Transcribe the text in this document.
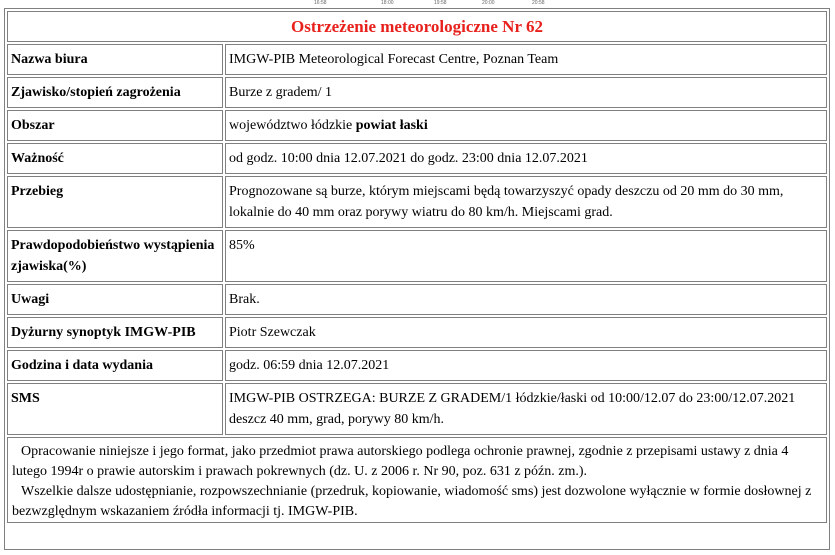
16:58	18:00	19:58	20:00	20:58
Ostrzeżenie meteorologiczne Nr 62	
Nazwa biura	IMGW-PIB Meteorological Forecast Centre, Poznan Team
Zjawisko/stopień zagrożenia	Burze z gradem/ 1
Obszar	województwo łódzkie powiat łaski
Ważność	od godz. 10:00 dnia 12.07.2021 do godz. 23:00 dnia 12.07.2021
Przebieg	Prognozowane są burze, którym miejscami będą towarzyszyć opady deszczu od 20 mm do 30 mm, lokalnie do 40 mm oraz porywy wiatru do 80 km/h. Miejscami grad.
Prawdopodobieństwo wystąpienia zjawiska(%)	85%
Uwagi	Brak.
Dyżurny synoptyk IMGW-PIB	Piotr Szewczak
Godzina i data wydania	godz. 06:59 dnia 12.07.2021
SMS	IMGW-PIB OSTRZEGA: BURZE Z GRADEM/1 łódzkie/łaski od 10:00/12.07 do 23:00/12.07.2021 deszcz 40 mm, grad, porywy 80 km/h.

Opracowanie niniejsze i jego format, jako przedmiot prawa autorskiego podlega ochronie prawnej, zgodnie z przepisami ustawy z dnia 4 lutego 1994r o prawie autorskim i prawach pokrewnych (dz. U. z 2006 r. Nr 90, poz. 631 z późn. zm.).

Wszelkie dalsze udostępnianie, rozpowszechnianie (przedruk, kopiowanie, wiadomość sms) jest dozwolone wyłącznie w formie dosłownej z bezwzględnym wskazaniem źródła informacji tj. IMGW-PIB.
